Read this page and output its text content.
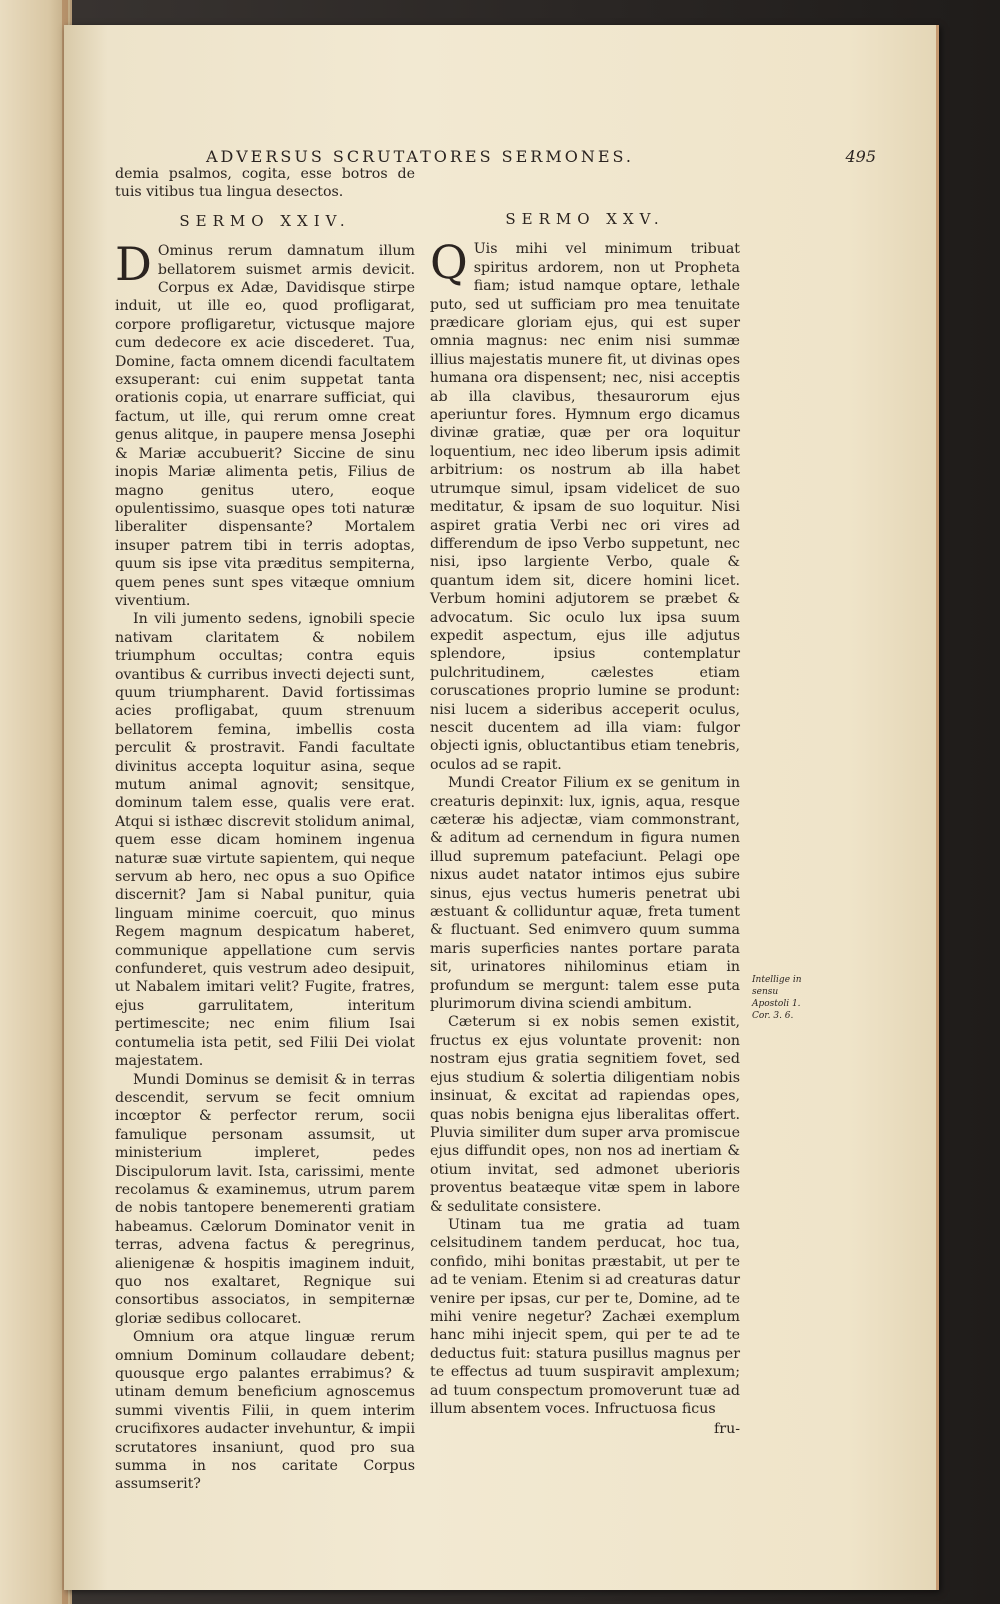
ADVERSUS SCRUTATORES SERMONES.	495

demia psalmos, cogita, esse botros de tuis vitibus tua lingua desectos.

SERMO XXIV.

D Ominus rerum damnatum illum bellatorem suismet armis devicit. Corpus ex Adæ, Davidisque stirpe induit, ut ille eo, quod profligarat, corpore profligaretur, victusque majore cum dedecore ex acie discederet. Tua, Domine, facta omnem dicendi facultatem exsuperant: cui enim suppetat tanta orationis copia, ut enarrare sufficiat, qui factum, ut ille, qui rerum omne creat genus alitque, in paupere mensa Josephi & Mariæ accubuerit? Siccine de sinu inopis Mariæ alimenta petis, Filius de magno genitus utero, eoque opulentissimo, suasque opes toti naturæ liberaliter dispensante? Mortalem insuper patrem tibi in terris adoptas, quum sis ipse vita præditus sempiterna, quem penes sunt spes vitæque omnium viventium.

In vili jumento sedens, ignobili specie nativam claritatem & nobilem triumphum occultas; contra equis ovantibus & curribus invecti dejecti sunt, quum triumpharent. David fortissimas acies profligabat, quum strenuum bellatorem femina, imbellis costa perculit & prostravit. Fandi facultate divinitus accepta loquitur asina, seque mutum animal agnovit; sensitque, dominum talem esse, qualis vere erat. Atqui si isthæc discrevit stolidum animal, quem esse dicam hominem ingenua naturæ suæ virtute sapientem, qui neque servum ab hero, nec opus a suo Opifice discernit? Jam si Nabal punitur, quia linguam minime coercuit, quo minus Regem magnum despicatum haberet, communique appellatione cum servis confunderet, quis vestrum adeo desipuit, ut Nabalem imitari velit? Fugite, fratres, ejus garrulitatem, interitum pertimescite; nec enim filium Isai contumelia ista petit, sed Filii Dei violat majestatem.

Mundi Dominus se demisit & in terras descendit, servum se fecit omnium incœptor & perfector rerum, socii famulique personam assumsit, ut ministerium impleret, pedes Discipulorum lavit. Ista, carissimi, mente recolamus & examinemus, utrum parem de nobis tantopere benemerenti gratiam habeamus. Cælorum Dominator venit in terras, advena factus & peregrinus, alienigenæ & hospitis imaginem induit, quo nos exaltaret, Regnique sui consortibus associatos, in sempiternæ gloriæ sedibus collocaret.

Omnium ora atque linguæ rerum omnium Dominum collaudare debent; quousque ergo palantes errabimus? & utinam demum beneficium agnoscemus summi viventis Filii, in quem interim crucifixores audacter invehuntur, & impii scrutatores insaniunt, quod pro sua summa in nos caritate Corpus assumserit?

SERMO XXV.

Q Uis mihi vel minimum tribuat spiritus ardorem, non ut Propheta fiam; istud namque optare, lethale puto, sed ut sufficiam pro mea tenuitate prædicare gloriam ejus, qui est super omnia magnus: nec enim nisi summæ illius majestatis munere fit, ut divinas opes humana ora dispensent; nec, nisi acceptis ab illa clavibus, thesaurorum ejus aperiuntur fores. Hymnum ergo dicamus divinæ gratiæ, quæ per ora loquitur loquentium, nec ideo liberum ipsis adimit arbitrium: os nostrum ab illa habet utrumque simul, ipsam videlicet de suo meditatur, & ipsam de suo loquitur. Nisi aspiret gratia Verbi nec ori vires ad differendum de ipso Verbo suppetunt, nec nisi, ipso largiente Verbo, quale & quantum idem sit, dicere homini licet. Verbum homini adjutorem se præbet & advocatum. Sic oculo lux ipsa suum expedit aspectum, ejus ille adjutus splendore, ipsius contemplatur pulchritudinem, cælestes etiam coruscationes proprio lumine se produnt: nisi lucem a sideribus acceperit oculus, nescit ducentem ad illa viam: fulgor objecti ignis, obluctantibus etiam tenebris, oculos ad se rapit.

Mundi Creator Filium ex se genitum in creaturis depinxit: lux, ignis, aqua, resque cæteræ his adjectæ, viam commonstrant, & aditum ad cernendum in figura numen illud supremum patefaciunt. Pelagi ope nixus audet natator intimos ejus subire sinus, ejus vectus humeris penetrat ubi æstuant & colliduntur aquæ, freta tument & fluctuant. Sed enimvero quum summa maris superficies nantes portare parata sit, urinatores nihilominus etiam in profundum se mergunt: talem esse puta plurimorum divina sciendi ambitum.

Cæterum si ex nobis semen existit, fructus ex ejus voluntate provenit: non nostram ejus gratia segnitiem fovet, sed ejus studium & solertia diligentiam nobis insinuat, & excitat ad rapiendas opes, quas nobis benigna ejus liberalitas offert. Pluvia similiter dum super arva promiscue ejus diffundit opes, non nos ad inertiam & otium invitat, sed admonet uberioris proventus beatæque vitæ spem in labore & sedulitate consistere.

Utinam tua me gratia ad tuam celsitudinem tandem perducat, hoc tua, confido, mihi bonitas præstabit, ut per te ad te veniam. Etenim si ad creaturas datur venire per ipsas, cur per te, Domine, ad te mihi venire negetur? Zachæi exemplum hanc mihi injecit spem, qui per te ad te deductus fuit: statura pusillus magnus per te effectus ad tuum suspiravit amplexum; ad tuum conspectum promoverunt tuæ ad illum absentem voces. Infructuosa ficus

fru-
Intellige in sensu Apostoli 1. Cor. 3. 6.
